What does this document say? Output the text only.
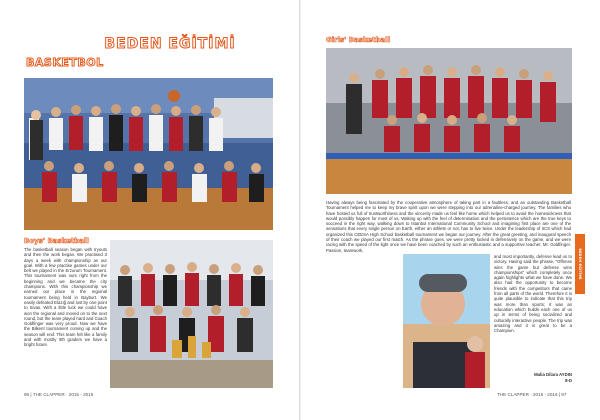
BEDEN EĞİTİMİ
BASKETBOL
Boys' Basketball
The basketball season began with tryouts and then the work began. We practised 3 days a week with championship as our goal. With a few practise games under our belt we played in the Erzurum Tournament. This tournament was ours right from the beginning and we became the city champions. With this championship we earned our place in the regional tournament being held in Bayburt. We easily defeated Elazığ and lost by one point to Sivas. With a little luck we could have won the regional and moved on to the next round, but the team played hard and Coach Goldfinger was very proud. Now we have the Bilkent tournament coming up and the season will end. This team felt like a family and with mostly 9th graders we have a bright future.
96 | THE CLAPPER · 2015 - 2016
Girls' Basketball
Having always being fascinated by the cooperative atmosphere of taking part in a faultless, and an outstanding Basketball Tournament helped me to keep my brave spirit upon we were stepping into our adrenaline-charged journey. The families who have hosted us full of trustworthiness and the sincerity made us feel like home which helped us to avoid the homesickness that would possibly happen for most of us. Waking up with the feel of determination and the persistence which are the true keys to succeed in the right way, walking down to Istanbul International Community School and imagining first place are one of the sensations that every single person on Earth, either an athlete or not, has to live twice. Under the leadership of IICS which had organized this CEESA High School basketball tournament we began our journey. After the great greeting, and inaugural speech of their coach we played our first match. As the phrase goes, we were pretty locked in defensively on the game, and we were racing with the speed of the light once we have been coached by such an enthusiastic and a supportive teacher, Mr. Goldfinger. Passion, teamwork,
and most importantly, defense lead us to victory. Having said the phrase, “Offense wins the game but defense wins championships” which completely once again highlights what we have done. We also had the opportunity to become friends with the competitors that came from all parts of the world. Therefore it is quite plausible to indicate that this trip was more than sports; it was an education which builds each one of us up in terms of being socialized and culturally interactive people. The trip was amazing and it is great to be a Champion.
Malia Dilara AYDIN
8-D
BEDEN EĞİTİMİ
THE CLAPPER · 2015 - 2016 | 97
